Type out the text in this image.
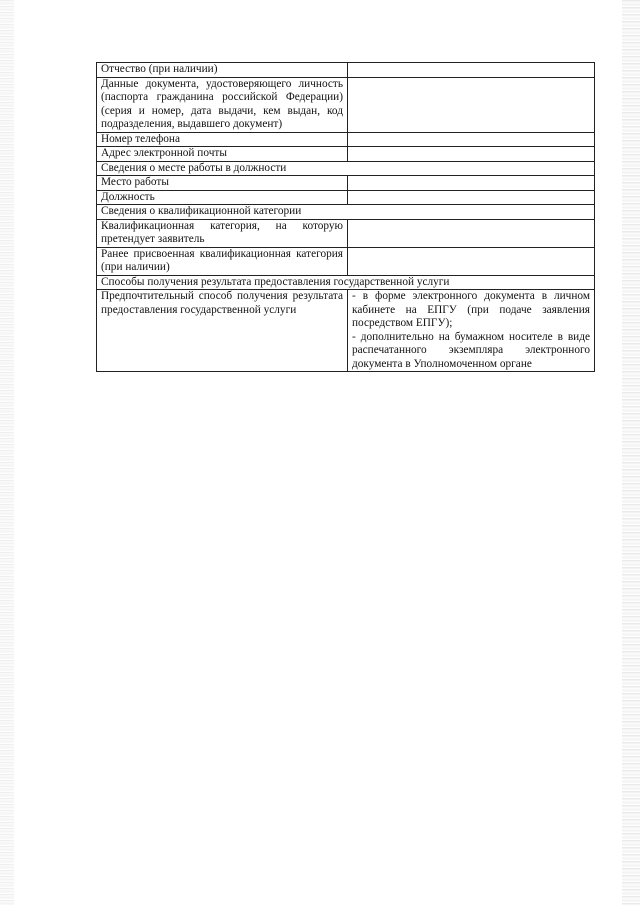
Отчество (при наличии)	
Данные документа, удостоверяющего личность (паспорта гражданина российской Федерации) (серия и номер, дата выдачи, кем выдан, код подразделения, выдавшего документ)	
Номер телефона	
Адрес электронной почты	
Сведения о месте работы в должности	
Место работы	
Должность	
Сведения о квалификационной категории	
Квалификационная категория, на которую претендует заявитель	
Ранее присвоенная квалификационная категория (при наличии)	
Способы получения результата предоставления государственной услуги	
Предпочтительный способ получения результата предоставления государственной услуги	- в форме электронного документа в личном кабинете на ЕПГУ (при подаче заявления посредством ЕПГУ);
- дополнительно на бумажном носителе в виде распечатанного экземпляра электронного документа в Уполномоченном органе
